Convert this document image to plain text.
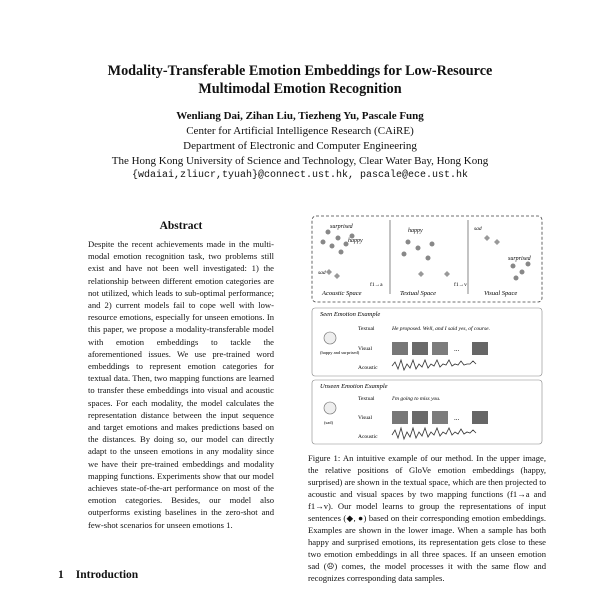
Modality-Transferable Emotion Embeddings for Low-Resource
Multimodal Emotion Recognition
Wenliang Dai, Zihan Liu, Tiezheng Yu, Pascale Fung
Center for Artificial Intelligence Research (CAiRE)
Department of Electronic and Computer Engineering
The Hong Kong University of Science and Technology, Clear Water Bay, Hong Kong
{wdaiai,zliucr,tyuah}@connect.ust.hk, pascale@ece.ust.hk
Abstract
Despite the recent achievements made in the multi-modal emotion recognition task, two problems still exist and have not been well investigated: 1) the relationship between different emotion categories are not utilized, which leads to sub-optimal performance; and 2) current models fail to cope well with low-resource emotions, especially for unseen emotions. In this paper, we propose a modality-transferable model with emotion embeddings to tackle the aforementioned issues. We use pre-trained word embeddings to represent emotion categories for textual data. Then, two mapping functions are learned to transfer these embeddings into visual and acoustic spaces. For each modality, the model calculates the representation distance between the input sequence and target emotions and makes predictions based on the distances. By doing so, our model can directly adapt to the unseen emotions in any modality since we have their pre-trained embeddings and modality mapping functions. Experiments show that our model achieves state-of-the-art performance on most of the emotion categories. Besides, our model also outperforms existing baselines in the zero-shot and few-shot scenarios for unseen emotions 1.
1 Introduction
surprised
happy
sad
Acoustic Space
happy
Textual Space
f1→a	f1→v
sad
surprised
Visual Space
Seen Emotion Example
(happy and surprised)
Textual	He proposed. Well, and I said yes, of course.
Visual	...
Acoustic
Unseen Emotion Example
(sad)
Textual	I'm going to miss you.
Visual	...
Acoustic
Figure 1: An intuitive example of our method. In the upper image, the relative positions of GloVe emotion embeddings (happy, surprised) are shown in the textual space, which are then projected to acoustic and visual spaces by two mapping functions (f1→a and f1→v). Our model learns to group the representations of input sentences (◆, ●) based on their corresponding emotion embeddings. Examples are shown in the lower image. When a sample has both happy and surprised emotions, its representation gets close to these two emotion embeddings in all three spaces. If an unseen emotion sad (☹) comes, the model processes it with the same flow and recognizes corresponding data samples.
